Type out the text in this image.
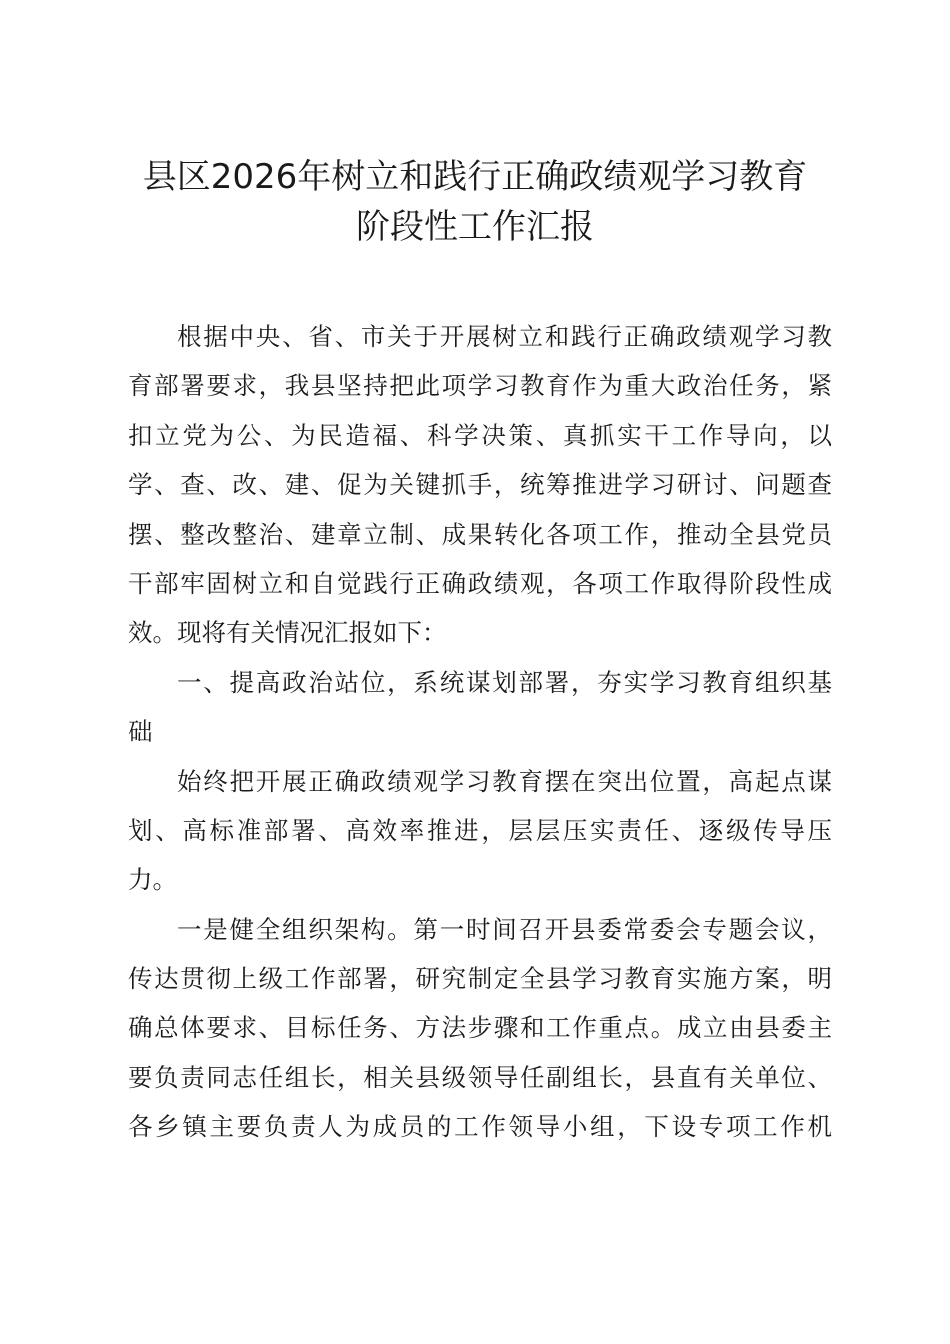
县区2026年树立和践行正确政绩观学习教育
阶段性工作汇报
根据中央、省、市关于开展树立和践行正确政绩观学习教
育部署要求，我县坚持把此项学习教育作为重大政治任务，紧
扣立党为公、为民造福、科学决策、真抓实干工作导向，以
学、查、改、建、促为关键抓手，统筹推进学习研讨、问题查
摆、整改整治、建章立制、成果转化各项工作，推动全县党员
干部牢固树立和自觉践行正确政绩观，各项工作取得阶段性成
效。现将有关情况汇报如下：
一、提高政治站位，系统谋划部署，夯实学习教育组织基
础
始终把开展正确政绩观学习教育摆在突出位置，高起点谋
划、高标准部署、高效率推进，层层压实责任、逐级传导压
力。
一是健全组织架构。第一时间召开县委常委会专题会议，
传达贯彻上级工作部署，研究制定全县学习教育实施方案，明
确总体要求、目标任务、方法步骤和工作重点。成立由县委主
要负责同志任组长，相关县级领导任副组长，县直有关单位、
各乡镇主要负责人为成员的工作领导小组，下设专项工作机
